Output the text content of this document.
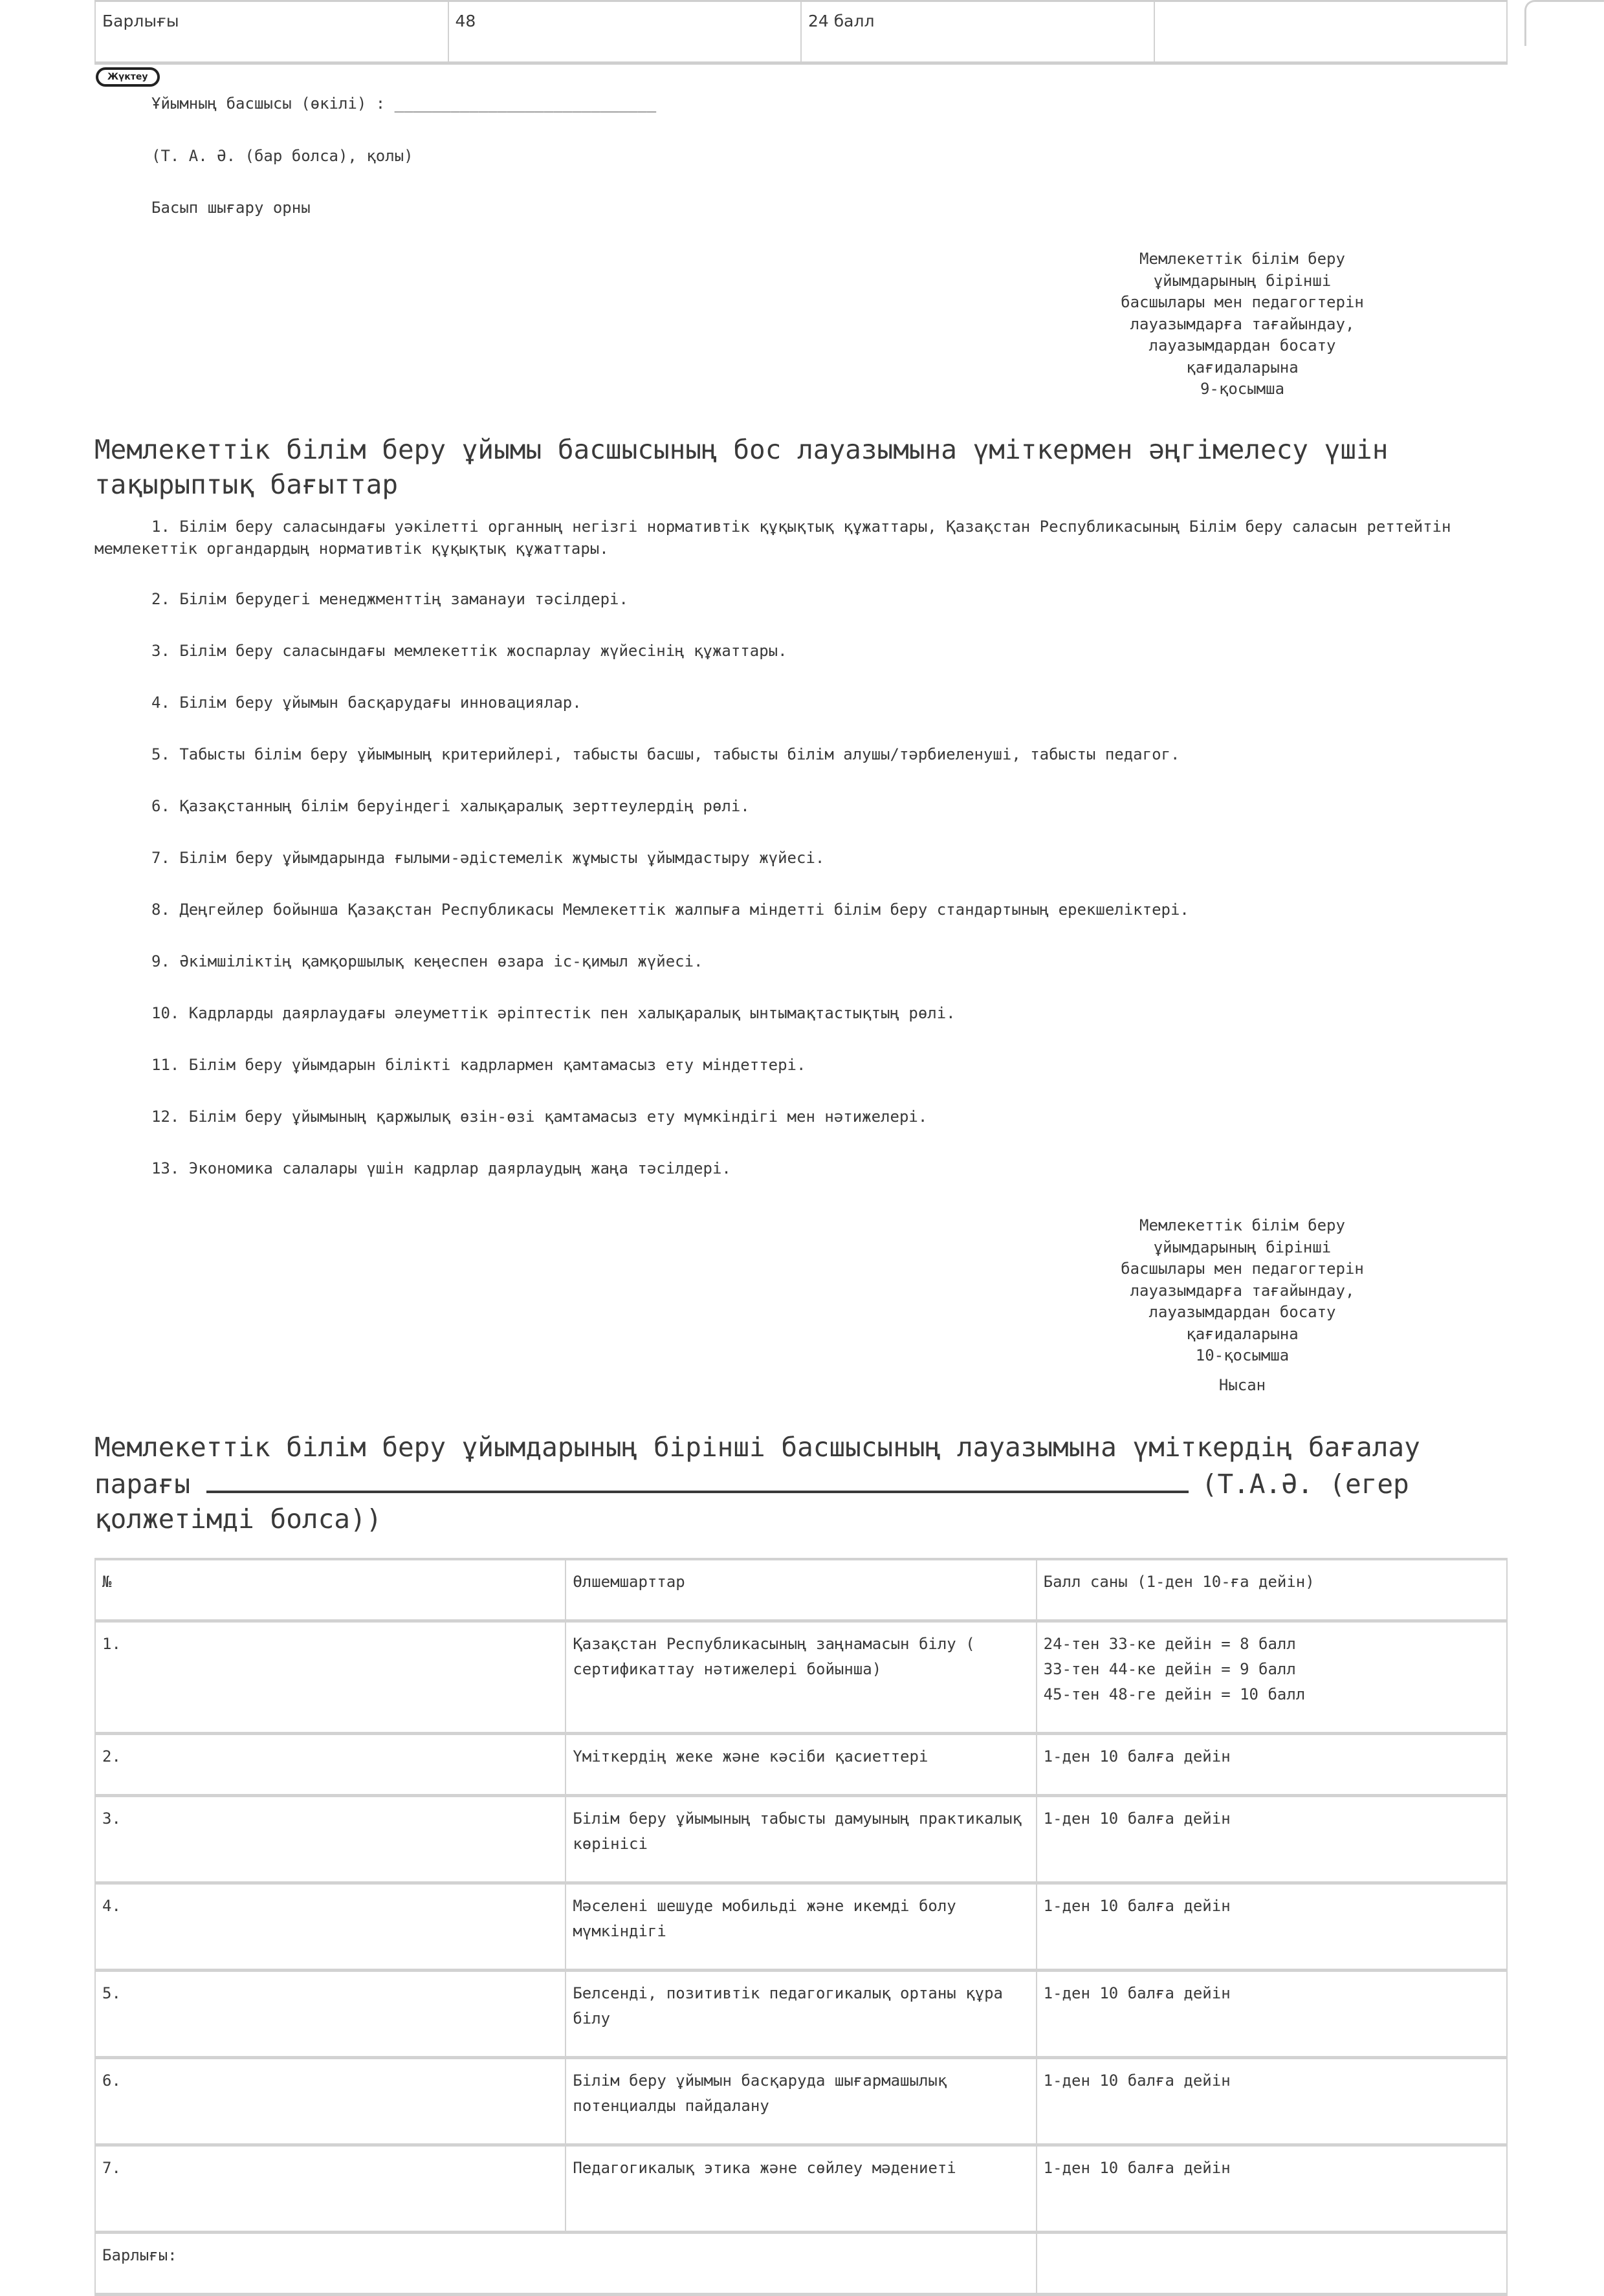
Барлығы	48	24 балл	
Жүктеу

Ұйымның басшысы (өкілі) : ____________________________

(Т. А. Ә. (бар болса), қолы)

Басып шығару орны

Мемлекеттік білім беру
ұйымдарының бірінші
басшылары мен педагогтерін
лауазымдарға тағайындау,
лауазымдардан босату
қағидаларына
9-қосымша
Мемлекеттік білім беру ұйымы басшысының бос лауазымына үміткермен әңгімелесу үшін тақырыптық бағыттар

1. Білім беру саласындағы уәкілетті органның негізгі нормативтік құқықтық құжаттары, Қазақстан Республикасының Білім беру саласын реттейтін мемлекеттік органдардың нормативтік құқықтық құжаттары.

2. Білім берудегі менеджменттің заманауи тәсілдері.

3. Білім беру саласындағы мемлекеттік жоспарлау жүйесінің құжаттары.

4. Білім беру ұйымын басқарудағы инновациялар.

5. Табысты білім беру ұйымының критерийлері, табысты басшы, табысты білім алушы/тәрбиеленуші, табысты педагог.

6. Қазақстанның білім беруіндегі халықаралық зерттеулердің рөлі.

7. Білім беру ұйымдарында ғылыми-әдістемелік жұмысты ұйымдастыру жүйесі.

8. Деңгейлер бойынша Қазақстан Республикасы Мемлекеттік жалпыға міндетті білім беру стандартының ерекшеліктері.

9. Әкімшіліктің қамқоршылық кеңеспен өзара іс-қимыл жүйесі.

10. Кадрларды даярлаудағы әлеуметтік әріптестік пен халықаралық ынтымақтастықтың рөлі.

11. Білім беру ұйымдарын білікті кадрлармен қамтамасыз ету міндеттері.

12. Білім беру ұйымының қаржылық өзін-өзі қамтамасыз ету мүмкіндігі мен нәтижелері.

13. Экономика салалары үшін кадрлар даярлаудың жаңа тәсілдері.

Мемлекеттік білім беру
ұйымдарының бірінші
басшылары мен педагогтерін
лауазымдарға тағайындау,
лауазымдардан босату
қағидаларына
10-қосымша
Нысан
Мемлекеттік білім беру ұйымдарының бірінші басшысының лауазымына үміткердің бағалау парағы	(Т.А.Ә. (егер қолжетімді болса))
№	Өлшемшарттар	Балл саны (1-ден 10-ға дейін)
1.	Қазақстан Республикасының заңнамасын білу ( сертификаттау нәтижелері бойынша)	24-тен 33-ке дейін = 8 балл
33-тен 44-ке дейін = 9 балл
45-тен 48-ге дейін = 10 балл

2.	Үміткердің жеке және кәсіби қасиеттері	1-ден 10 балға дейін
3.	Білім беру ұйымының табысты дамуының практикалық көрінісі	1-ден 10 балға дейін
4.	Мәселені шешуде мобильді және икемді болу мүмкіндігі	1-ден 10 балға дейін
5.	Белсенді, позитивтік педагогикалық ортаны құра білу	1-ден 10 балға дейін
6.	Білім беру ұйымын басқаруда шығармашылық потенциалды пайдалану	1-ден 10 балға дейін
7.	Педагогикалық этика және сөйлеу мәдениеті	1-ден 10 балға дейін
Барлығы:		
